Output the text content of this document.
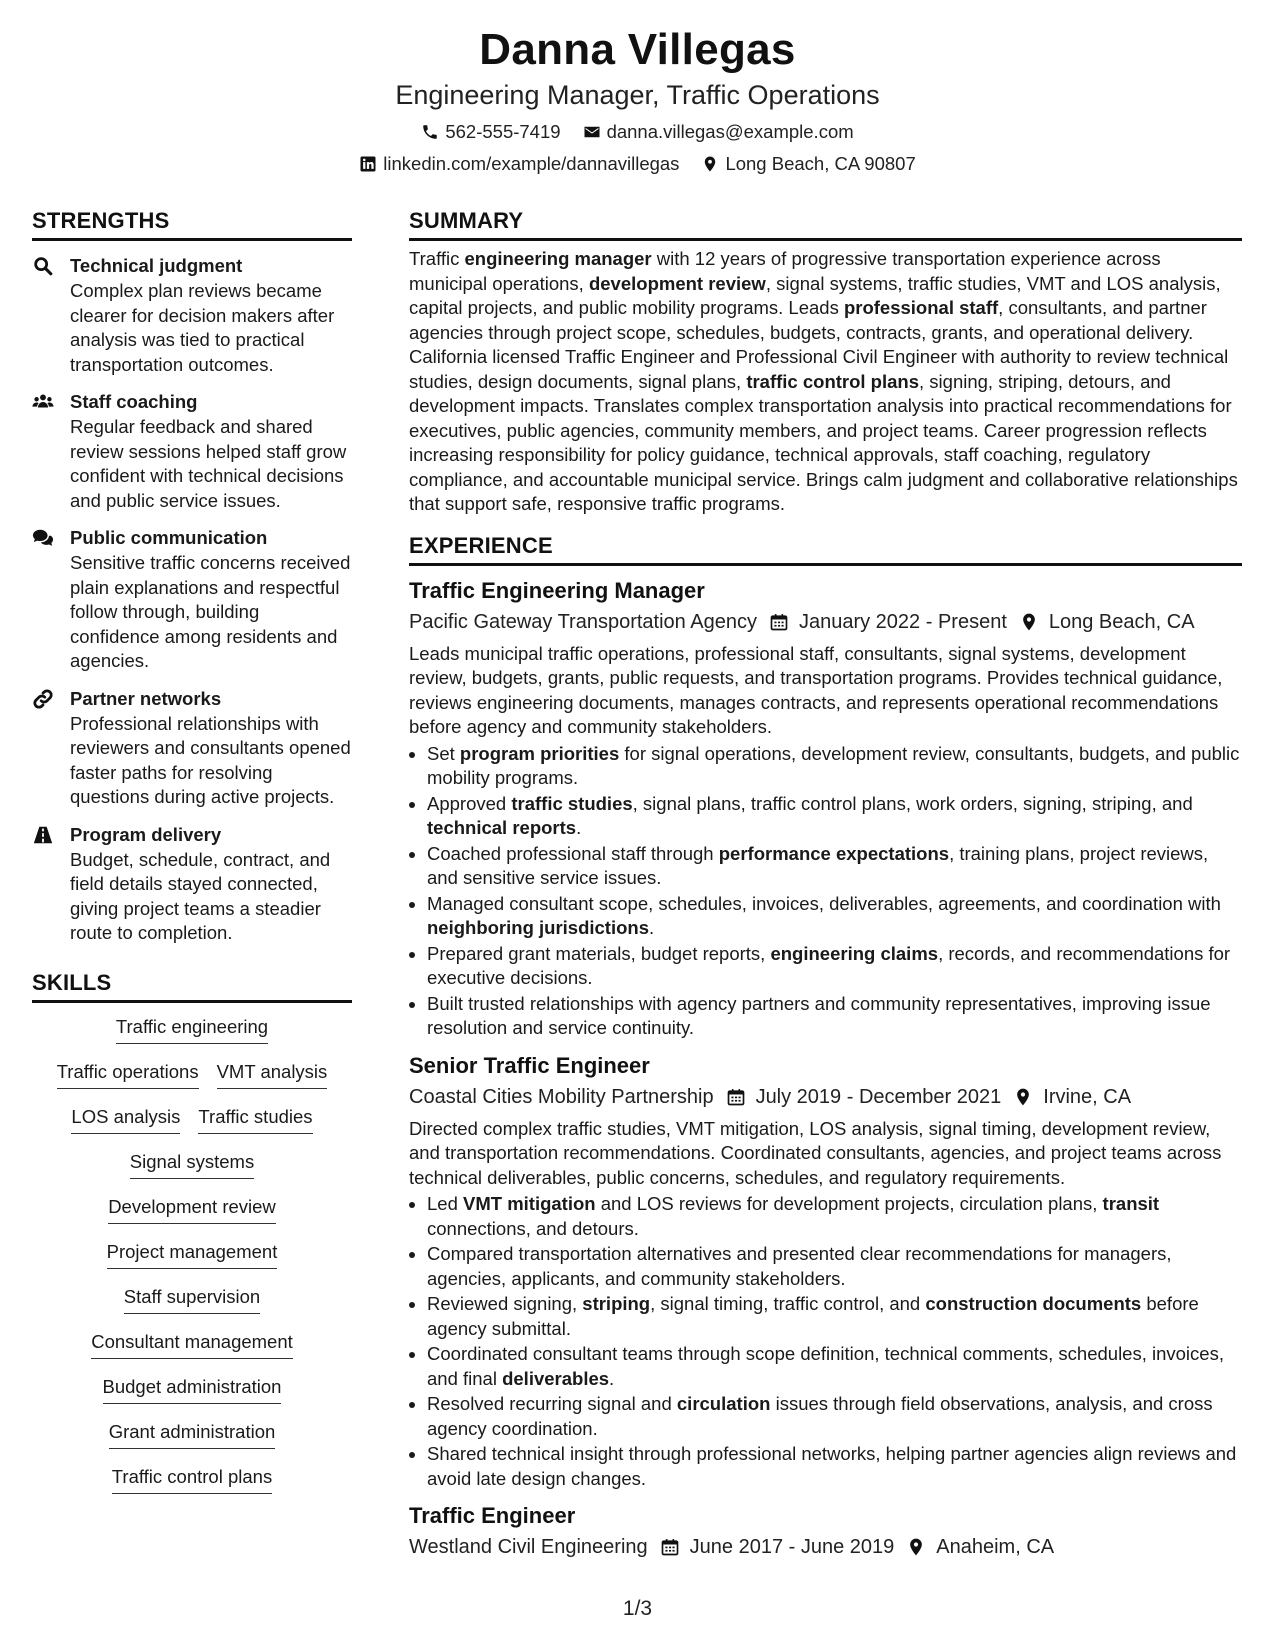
Danna Villegas
Engineering Manager, Traffic Operations
562-555-7419 danna.villegas@example.com
linkedin.com/example/dannavillegas Long Beach, CA 90807
STRENGTHS
Technical judgment
Complex plan reviews became clearer for decision makers after analysis was tied to practical transportation outcomes.
Staff coaching
Regular feedback and shared review sessions helped staff grow confident with technical decisions and public service issues.
Public communication
Sensitive traffic concerns received plain explanations and respectful follow through, building confidence among residents and agencies.
Partner networks
Professional relationships with reviewers and consultants opened faster paths for resolving questions during active projects.
Program delivery
Budget, schedule, contract, and field details stayed connected, giving project teams a steadier route to completion.
SKILLS
Traffic engineering
Traffic operations VMT analysis
LOS analysis Traffic studies
Signal systems
Development review
Project management
Staff supervision
Consultant management
Budget administration
Grant administration
Traffic control plans
SUMMARY
Traffic engineering manager with 12 years of progressive transportation experience across municipal operations, development review, signal systems, traffic studies, VMT and LOS analysis, capital projects, and public mobility programs. Leads professional staff, consultants, and partner agencies through project scope, schedules, budgets, contracts, grants, and operational delivery. California licensed Traffic Engineer and Professional Civil Engineer with authority to review technical studies, design documents, signal plans, traffic control plans, signing, striping, detours, and development impacts. Translates complex transportation analysis into practical recommendations for executives, public agencies, community members, and project teams. Career progression reflects increasing responsibility for policy guidance, technical approvals, staff coaching, regulatory compliance, and accountable municipal service. Brings calm judgment and collaborative relationships that support safe, responsive traffic programs.
EXPERIENCE
Traffic Engineering Manager
Pacific Gateway Transportation Agency January 2022 - Present Long Beach, CA
Leads municipal traffic operations, professional staff, consultants, signal systems, development review, budgets, grants, public requests, and transportation programs. Provides technical guidance, reviews engineering documents, manages contracts, and represents operational recommendations before agency and community stakeholders.
• Set program priorities for signal operations, development review, consultants, budgets, and public mobility programs.
• Approved traffic studies, signal plans, traffic control plans, work orders, signing, striping, and technical reports.
• Coached professional staff through performance expectations, training plans, project reviews, and sensitive service issues.
• Managed consultant scope, schedules, invoices, deliverables, agreements, and coordination with neighboring jurisdictions.
• Prepared grant materials, budget reports, engineering claims, records, and recommendations for executive decisions.
• Built trusted relationships with agency partners and community representatives, improving issue resolution and service continuity.
Senior Traffic Engineer
Coastal Cities Mobility Partnership July 2019 - December 2021 Irvine, CA
Directed complex traffic studies, VMT mitigation, LOS analysis, signal timing, development review, and transportation recommendations. Coordinated consultants, agencies, and project teams across technical deliverables, public concerns, schedules, and regulatory requirements.
• Led VMT mitigation and LOS reviews for development projects, circulation plans, transit connections, and detours.
• Compared transportation alternatives and presented clear recommendations for managers, agencies, applicants, and community stakeholders.
• Reviewed signing, striping, signal timing, traffic control, and construction documents before agency submittal.
• Coordinated consultant teams through scope definition, technical comments, schedules, invoices, and final deliverables.
• Resolved recurring signal and circulation issues through field observations, analysis, and cross agency coordination.
• Shared technical insight through professional networks, helping partner agencies align reviews and avoid late design changes.
Traffic Engineer
Westland Civil Engineering June 2017 - June 2019 Anaheim, CA
1/3
